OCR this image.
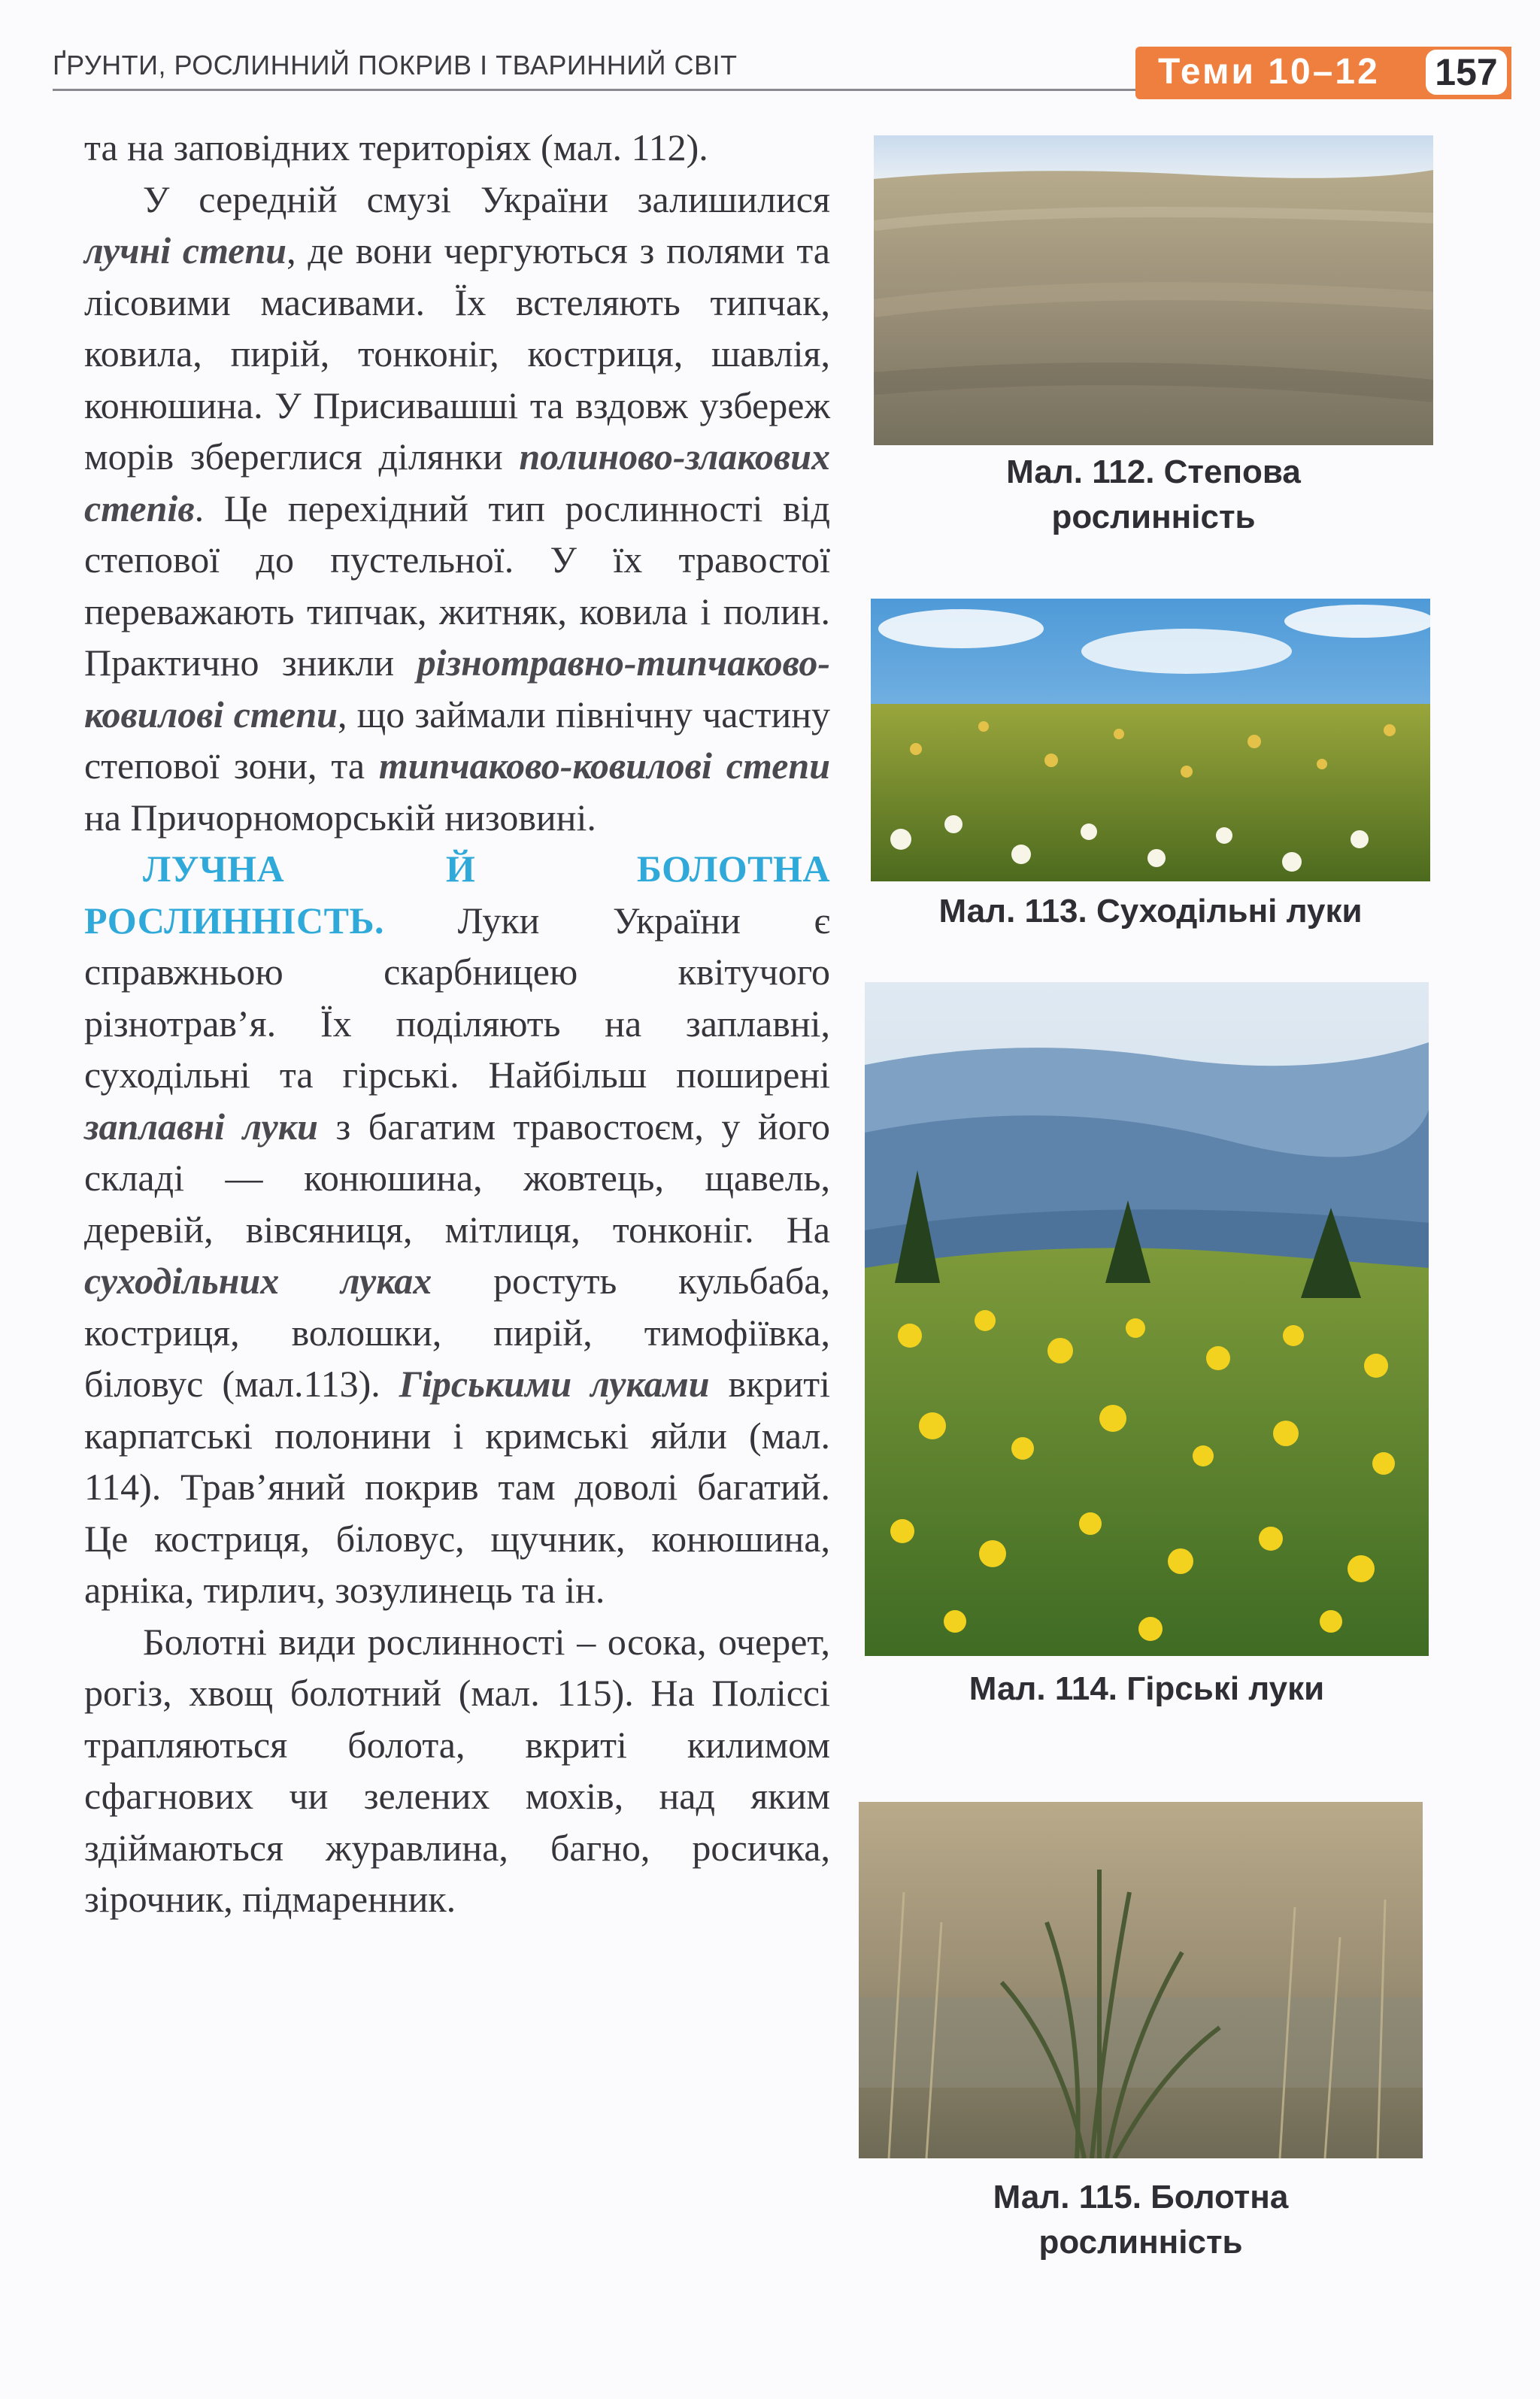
ҐРУНТИ, РОСЛИННИЙ ПОКРИВ І ТВАРИННИЙ СВІТ	Теми 10–12 157

та на заповідних територіях (мал. 112).

У середній смузі України залишилися лучні степи, де вони чергуються з полями та лісовими масивами. Їх встеляють типчак, ковила, пирій, тонконіг, костриця, шавлія, конюшина. У Присивашші та вздовж узбереж морів збереглися ділянки полиново-злакових степів. Це перехідний тип рослинності від степової до пустельної. У їх травостої переважають типчак, житняк, ковила і полин. Практично зникли різнотравно-типчаково-ковилові степи, що займали північну частину степової зони, та типчаково-ковилові степи на Причорноморській низовині.

ЛУЧНА Й БОЛОТНА РОСЛИННІСТЬ. Луки України є справжньою скарбницею квітучого різнотрав’я. Їх поділяють на заплавні, суходільні та гірські. Найбільш поширені заплавні луки з багатим травостоєм, у його складі — конюшина, жовтець, щавель, деревій, вівсяниця, мітлиця, тонконіг. На суходільних луках ростуть кульбаба, костриця, волошки, пирій, тимофіївка, біловус (мал.113). Гірськими луками вкриті карпатські полонини і кримські яйли (мал. 114). Трав’яний покрив там доволі багатий. Це костриця, біловус, щучник, конюшина, арніка, тирлич, зозулинець та ін.

Болотні види рослинності – осока, очерет, рогіз, хвощ болотний (мал. 115). На Поліссі трапляються болота, вкриті килимом сфагнових чи зелених мохів, над яким здіймаються журавлина, багно, росичка, зірочник, підмаренник.

Мал. 112. Степова
рослинність
Мал. 113. Суходільні луки
Мал. 114. Гірські луки
Мал. 115. Болотна
рослинність
